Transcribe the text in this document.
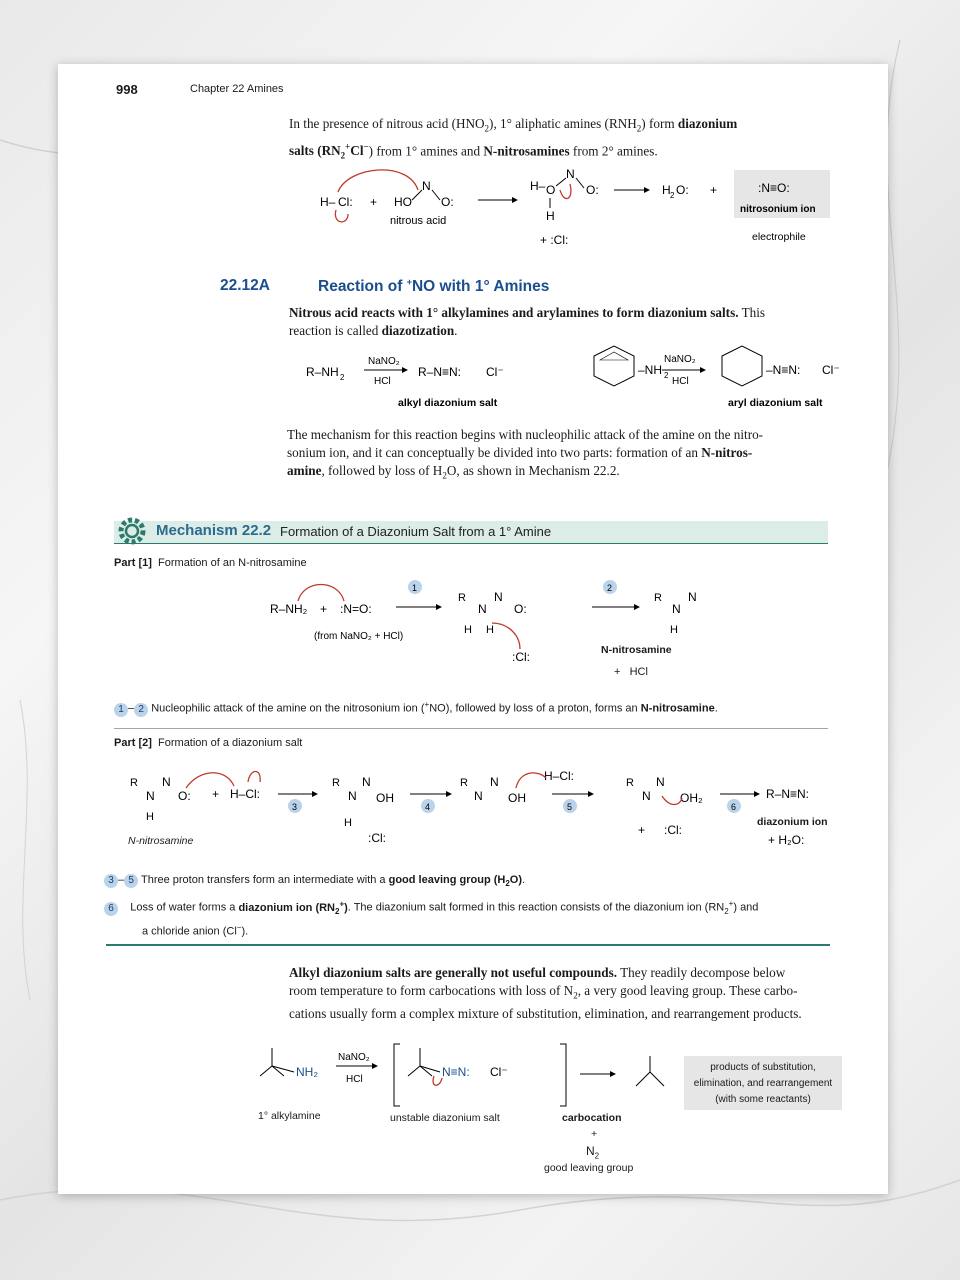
998	Chapter 22 Amines
In the presence of nitrous acid $(HNO_2)$, 1° aliphatic amines $(RNH_2)$ form diazonium
salts $(RN_2^+Cl^-)$ from 1° amines and N-nitrosamines from 2° amines.
H– Cl: + HO
N
O:
nitrous acid
H– O
N
O:
H
+ :Cl:
H 2 O: +	:N≡O:
nitrosonium ion
electrophile
22.12A	Reaction of +NO with 1° Amines
Nitrous acid reacts with 1° alkylamines and arylamines to form diazonium salts. This
reaction is called diazotization.
R–NH 2
NaNO₂
HCl
R–N≡N: Cl⁻
alkyl diazonium salt
–NH 2
NaNO₂
HCl
–N≡N: Cl⁻
aryl diazonium salt
The mechanism for this reaction begins with nucleophilic attack of the amine on the nitro-
sonium ion, and it can conceptually be divided into two parts: formation of an N-nitros-
amine, followed by loss of $H_2O$, as shown in Mechanism 22.2.
Mechanism 22.2 Formation of a Diazonium Salt from a 1° Amine
Part [1] Formation of an N-nitrosamine
R–NH₂ + :N=O:
(from NaNO₂ + HCl)
1
R
N
N
O:
H H
:Cl:
2
R
N
N
H
N-nitrosamine
+   HCl
1 – 2 Nucleophilic attack of the amine on the nitrosonium ion (+NO), followed by loss of a proton, forms an N-nitrosamine.
Part [2] Formation of a diazonium salt
R
N
N
O:
H
+ H–Cl:
3
R
N
N
OH
H
:Cl:
4
R
N
N
OH
H–Cl:
5
R
N
N
OH₂
+ :Cl:
6
R–N≡N:
+ H₂O:
diazonium ion
N-nitrosamine
3 – 5 Three proton transfers form an intermediate with a good leaving group $(H_2O)$.
6 Loss of water forms a diazonium ion $(RN_2^+)$. The diazonium salt formed in this reaction consists of the diazonium ion $(RN_2^+)$ and
a chloride anion (Cl−).
Alkyl diazonium salts are generally not useful compounds. They readily decompose below
room temperature to form carbocations with loss of $N_2$, a very good leaving group. These carbo-
cations usually form a complex mixture of substitution, elimination, and rearrangement products.
NH₂
NaNO₂
HCl
N≡N: Cl⁻	products of substitution,
elimination, and rearrangement
(with some reactants)
1° alkylamine	unstable diazonium salt	carbocation
+
$N_2$
good leaving group
